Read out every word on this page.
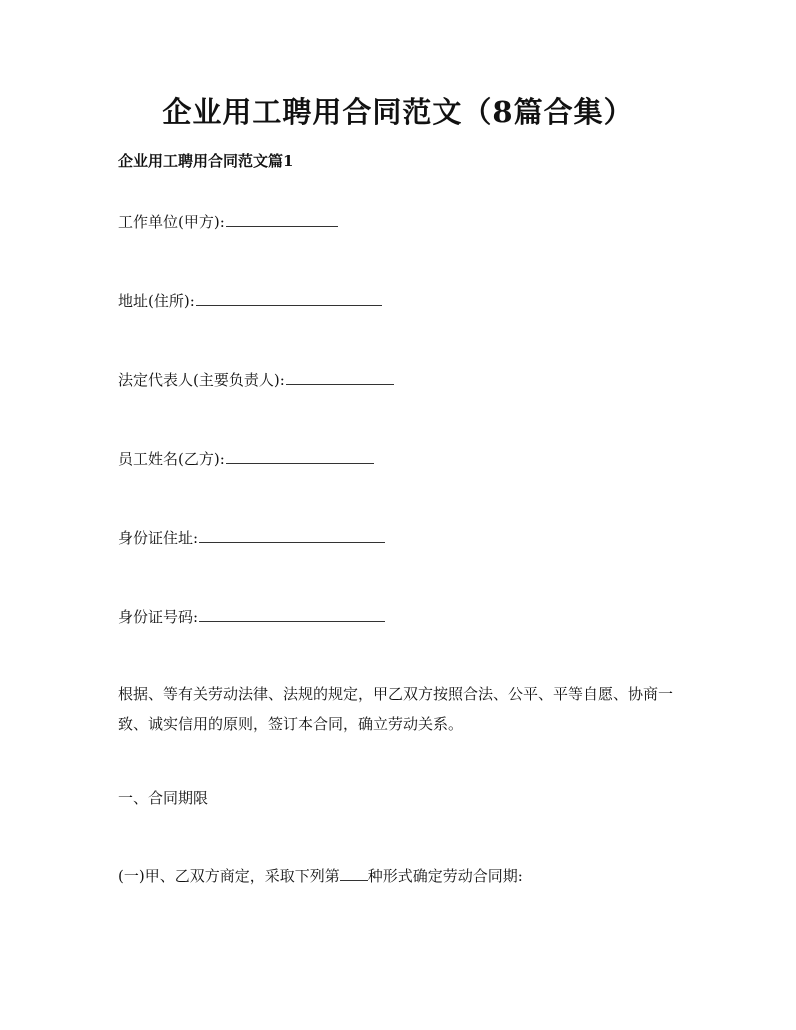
企业用工聘用合同范文（8篇合集）
企业用工聘用合同范文篇1
工作单位(甲方):
地址(住所):
法定代表人(主要负责人):
员工姓名(乙方):
身份证住址:
身份证号码:
根据、等有关劳动法律、法规的规定，甲乙双方按照合法、公平、平等自愿、协商一致、诚实信用的原则，签订本合同，确立劳动关系。
一、合同期限
(一)甲、乙双方商定，采取下列第 种形式确定劳动合同期:
